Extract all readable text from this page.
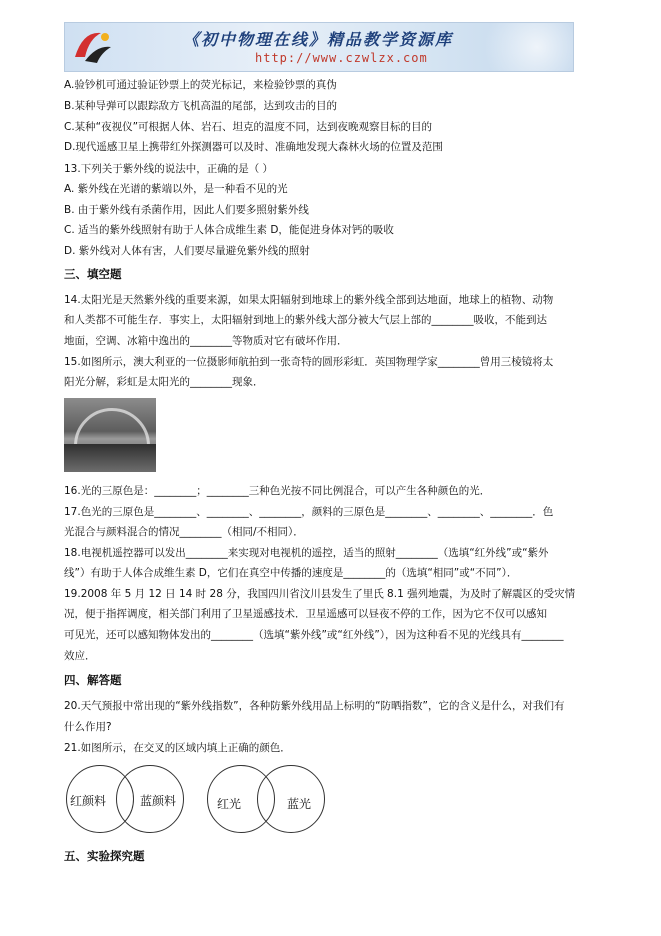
《初中物理在线》精品教学资源库
http://www.czwlzx.com
A.验钞机可通过验证钞票上的荧光标记，来检验钞票的真伪
B.某种导弹可以跟踪敌方飞机高温的尾部，达到攻击的目的
C.某种“夜视仪”可根据人体、岩石、坦克的温度不同，达到夜晚观察目标的目的
D.现代遥感卫星上携带红外探测器可以及时、准确地发现大森林火场的位置及范围
13.下列关于紫外线的说法中，正确的是（ ）
A. 紫外线在光谱的紫端以外，是一种看不见的光
B. 由于紫外线有杀菌作用，因此人们要多照射紫外线
C. 适当的紫外线照射有助于人体合成维生素 D，能促进身体对钙的吸收
D. 紫外线对人体有害，人们要尽量避免紫外线的照射
三、填空题
14.太阳光是天然紫外线的重要来源，如果太阳辐射到地球上的紫外线全部到达地面，地球上的植物、动物
和人类都不可能生存．事实上，太阳辐射到地上的紫外线大部分被大气层上部的________吸收，不能到达
地面，空调、冰箱中逸出的________等物质对它有破坏作用．
15.如图所示，澳大利亚的一位摄影师航拍到一张奇特的圆形彩虹．英国物理学家________曾用三棱镜将太
阳光分解，彩虹是太阳光的________现象．
16.光的三原色是：________；________三种色光按不同比例混合，可以产生各种颜色的光．
17.色光的三原色是________、________、________，颜料的三原色是________、________、________．色
光混合与颜料混合的情况________（相同/不相同）．
18.电视机遥控器可以发出________来实现对电视机的遥控，适当的照射________（选填“红外线”或“紫外
线”）有助于人体合成维生素 D，它们在真空中传播的速度是________的（选填“相同”或“不同”）．
19.2008 年 5 月 12 日 14 时 28 分，我国四川省汶川县发生了里氏 8.1 强列地震，为及时了解震区的受灾情
况，便于指挥调度，相关部门利用了卫星遥感技术．卫星遥感可以昼夜不停的工作，因为它不仅可以感知
可见光，还可以感知物体发出的________（选填“紫外线”或“红外线”），因为这种看不见的光线具有________
效应．
四、解答题
20.天气预报中常出现的“紫外线指数”，各种防紫外线用品上标明的“防晒指数”，它的含义是什么，对我们有
什么作用?
21.如图所示，在交叉的区域内填上正确的颜色．
红颜料	蓝颜料	红光	蓝光
五、实验探究题
